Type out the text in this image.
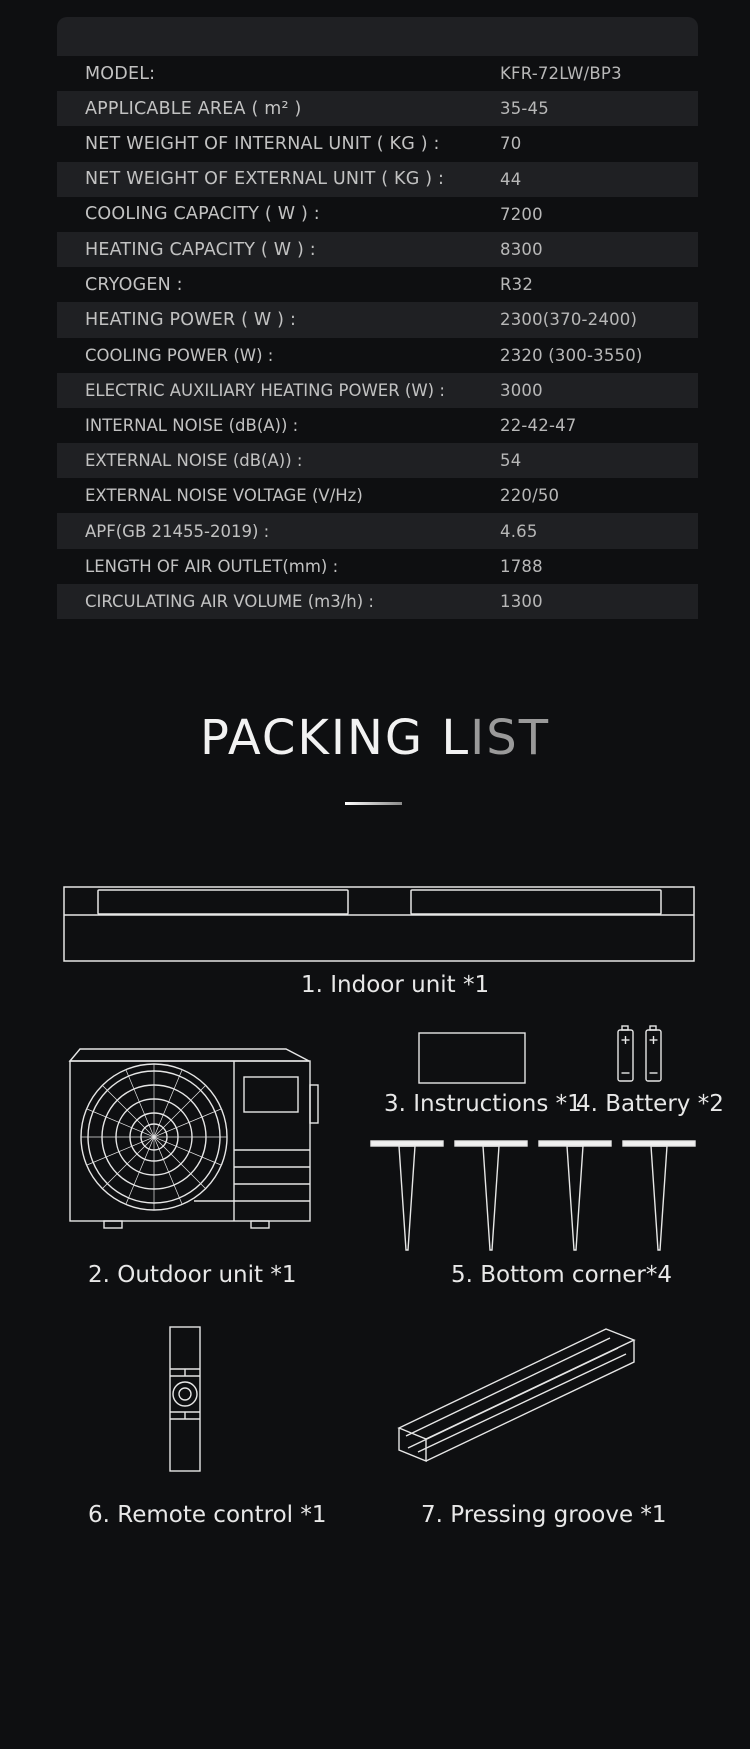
MODEL:	KFR-72LW/BP3
APPLICABLE AREA ( m² )	35-45
NET WEIGHT OF INTERNAL UNIT ( KG ) :	70
NET WEIGHT OF EXTERNAL UNIT ( KG ) :	44
COOLING CAPACITY ( W ) :	7200
HEATING CAPACITY ( W ) :	8300
CRYOGEN :	R32
HEATING POWER ( W ) :	2300(370-2400)
COOLING POWER (W) :	2320 (300-3550)
ELECTRIC AUXILIARY HEATING POWER (W) :	3000
INTERNAL NOISE (dB(A)) :	22-42-47
EXTERNAL NOISE (dB(A)) :	54
EXTERNAL NOISE VOLTAGE (V/Hz)	220/50
APF(GB 21455-2019) :	4.65
LENGTH OF AIR OUTLET(mm) :	1788
CIRCULATING AIR VOLUME (m3/h) :	1300
PACKING LIST
1. Indoor unit *1
2. Outdoor unit *1
3. Instructions *1
4. Battery *2
5. Bottom corner*4
6. Remote control *1	7. Pressing groove *1
